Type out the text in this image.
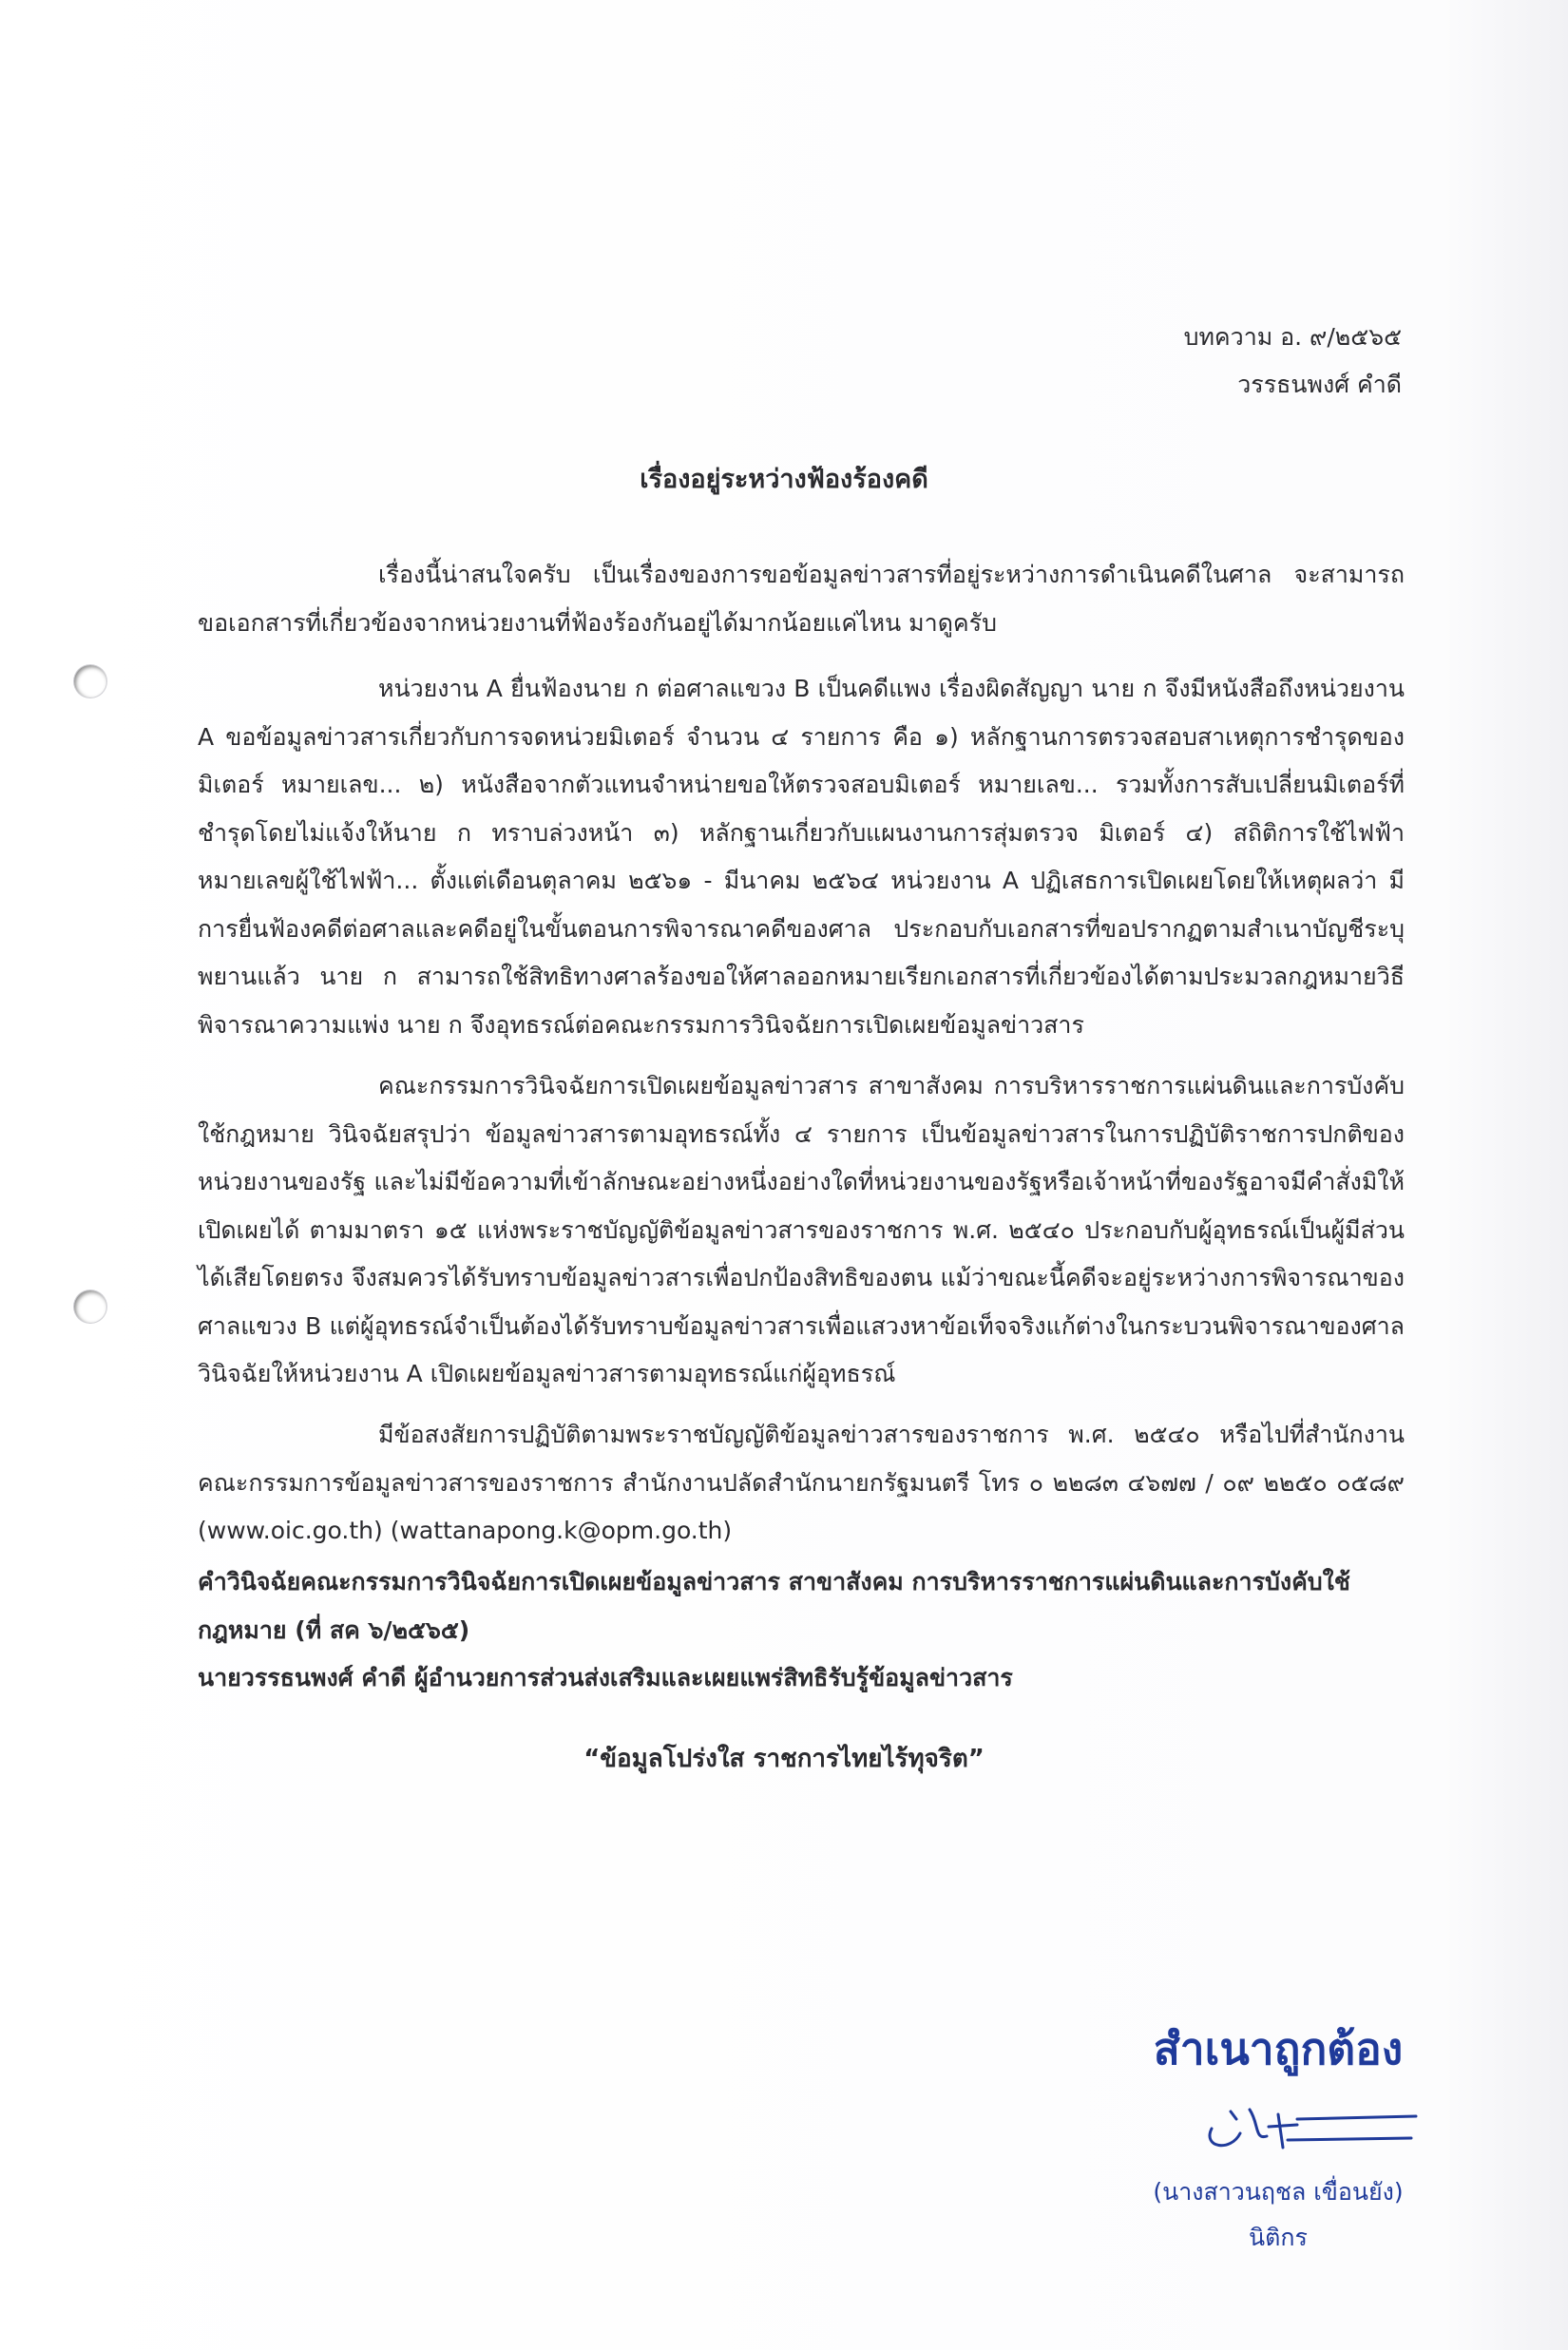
บทความ อ. ๙/๒๕๖๕
วรรธนพงศ์ คำดี
เรื่องอยู่ระหว่างฟ้องร้องคดี
เรื่องนี้น่าสนใจครับ เป็นเรื่องของการขอข้อมูลข่าวสารที่อยู่ระหว่างการดำเนินคดีในศาล จะสามารถขอเอกสารที่เกี่ยวข้องจากหน่วยงานที่ฟ้องร้องกันอยู่ได้มากน้อยแค่ไหน มาดูครับ
หน่วยงาน A ยื่นฟ้องนาย ก ต่อศาลแขวง B เป็นคดีแพง เรื่องผิดสัญญา นาย ก จึงมีหนังสือถึงหน่วยงาน A ขอข้อมูลข่าวสารเกี่ยวกับการจดหน่วยมิเตอร์ จำนวน ๔ รายการ คือ ๑) หลักฐานการตรวจสอบสาเหตุการชำรุดของมิเตอร์ หมายเลข... ๒) หนังสือจากตัวแทนจำหน่ายขอให้ตรวจสอบมิเตอร์ หมายเลข... รวมทั้งการสับเปลี่ยนมิเตอร์ที่ชำรุดโดยไม่แจ้งให้นาย ก ทราบล่วงหน้า ๓) หลักฐานเกี่ยวกับแผนงานการสุ่มตรวจ มิเตอร์ ๔) สถิติการใช้ไฟฟ้า หมายเลขผู้ใช้ไฟฟ้า... ตั้งแต่เดือนตุลาคม ๒๕๖๑ - มีนาคม ๒๕๖๔ หน่วยงาน A ปฏิเสธการเปิดเผยโดยให้เหตุผลว่า มีการยื่นฟ้องคดีต่อศาลและคดีอยู่ในขั้นตอนการพิจารณาคดีของศาล ประกอบกับเอกสารที่ขอปรากฏตามสำเนาบัญชีระบุพยานแล้ว นาย ก สามารถใช้สิทธิทางศาลร้องขอให้ศาลออกหมายเรียกเอกสารที่เกี่ยวข้องได้ตามประมวลกฎหมายวิธีพิจารณาความแพ่ง นาย ก จึงอุทธรณ์ต่อคณะกรรมการวินิจฉัยการเปิดเผยข้อมูลข่าวสาร
คณะกรรมการวินิจฉัยการเปิดเผยข้อมูลข่าวสาร สาขาสังคม การบริหารราชการแผ่นดินและการบังคับใช้กฎหมาย วินิจฉัยสรุปว่า ข้อมูลข่าวสารตามอุทธรณ์ทั้ง ๔ รายการ เป็นข้อมูลข่าวสารในการปฏิบัติราชการปกติของหน่วยงานของรัฐ และไม่มีข้อความที่เข้าลักษณะอย่างหนึ่งอย่างใดที่หน่วยงานของรัฐหรือเจ้าหน้าที่ของรัฐอาจมีคำสั่งมิให้เปิดเผยได้ ตามมาตรา ๑๕ แห่งพระราชบัญญัติข้อมูลข่าวสารของราชการ พ.ศ. ๒๕๔๐ ประกอบกับผู้อุทธรณ์เป็นผู้มีส่วนได้เสียโดยตรง จึงสมควรได้รับทราบข้อมูลข่าวสารเพื่อปกป้องสิทธิของตน แม้ว่าขณะนี้คดีจะอยู่ระหว่างการพิจารณาของศาลแขวง B แต่ผู้อุทธรณ์จำเป็นต้องได้รับทราบข้อมูลข่าวสารเพื่อแสวงหาข้อเท็จจริงแก้ต่างในกระบวนพิจารณาของศาล วินิจฉัยให้หน่วยงาน A เปิดเผยข้อมูลข่าวสารตามอุทธรณ์แก่ผู้อุทธรณ์
มีข้อสงสัยการปฏิบัติตามพระราชบัญญัติข้อมูลข่าวสารของราชการ พ.ศ. ๒๕๔๐ หรือไปที่สำนักงานคณะกรรมการข้อมูลข่าวสารของราชการ สำนักงานปลัดสำนักนายกรัฐมนตรี โทร ๐ ๒๒๘๓ ๔๖๗๗ / ๐๙ ๒๒๕๐ ๐๕๘๙ (www.oic.go.th) (wattanapong.k@opm.go.th)
คำวินิจฉัยคณะกรรมการวินิจฉัยการเปิดเผยข้อมูลข่าวสาร สาขาสังคม การบริหารราชการแผ่นดินและการบังคับใช้กฎหมาย (ที่ สค ๖/๒๕๖๕)
นายวรรธนพงศ์ คำดี ผู้อำนวยการส่วนส่งเสริมและเผยแพร่สิทธิรับรู้ข้อมูลข่าวสาร
“ข้อมูลโปร่งใส ราชการไทยไร้ทุจริต”
สำเนาถูกต้อง
(นางสาวนฤชล เขื่อนยัง)
นิติกร
